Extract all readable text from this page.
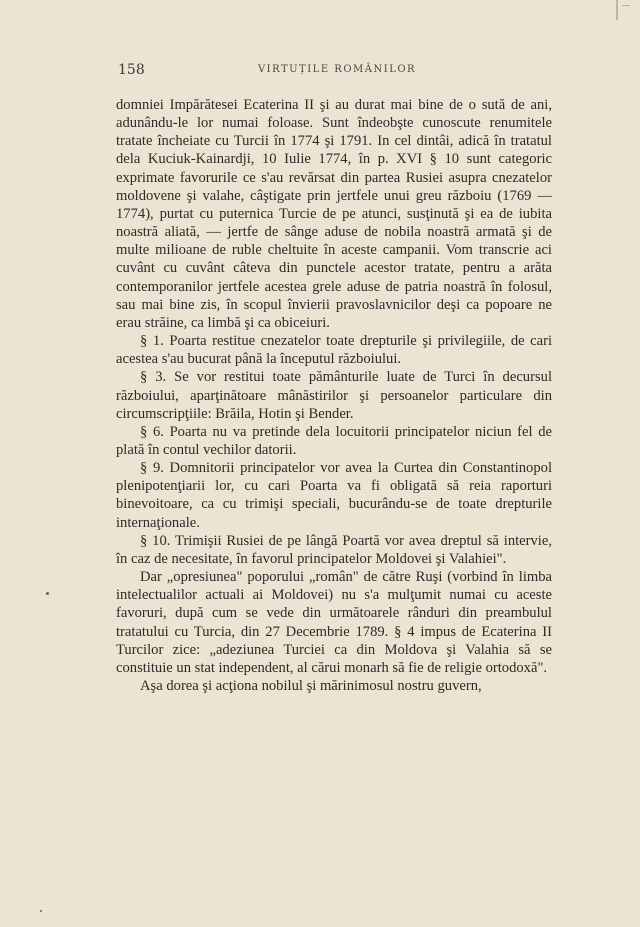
158	VIRTUȚILE ROMÂNILOR

domniei Impărătesei Ecaterina II şi au durat mai bine de o sută de ani, adunându-le lor numai foloase. Sunt îndeobşte cunoscute renumitele tratate încheiate cu Turcii în 1774 şi 1791. In cel dintâi, adică în tratatul dela Kuciuk-Kainardji, 10 Iulie 1774, în p. XVI § 10 sunt categoric exprimate favorurile ce s'au revărsat din partea Rusiei asupra cnezatelor moldovene şi valahe, câştigate prin jertfele unui greu războiu (1769 — 1774), purtat cu puternica Turcie de pe atunci, susţinută şi ea de iubita noastră aliată, — jertfe de sânge aduse de nobila noastră armată şi de multe milioane de ruble cheltuite în aceste campanii. Vom transcrie aci cuvânt cu cuvânt câteva din punctele acestor tratate, pentru a arăta contemporanilor jertfele acestea grele aduse de patria noastră în folosul, sau mai bine zis, în scopul învierii pravoslavnicilor deşi ca popoare ne erau străine, ca limbă şi ca obiceiuri.

§ 1. Poarta restitue cnezatelor toate drepturile şi privilegiile, de cari acestea s'au bucurat până la începutul războiului.

§ 3. Se vor restitui toate pământurile luate de Turci în decursul războiului, aparţinătoare mânăstirilor şi persoanelor particulare din circumscripţiile: Brăila, Hotin şi Bender.

§ 6. Poarta nu va pretinde dela locuitorii principatelor niciun fel de plată în contul vechilor datorii.

§ 9. Domnitorii principatelor vor avea la Curtea din Constantinopol plenipotenţiarii lor, cu cari Poarta va fi obligată să reia raporturi binevoitoare, ca cu trimişi speciali, bucurându-se de toate drepturile internaţionale.

§ 10. Trimişii Rusiei de pe lângă Poartă vor avea dreptul să intervie, în caz de necesitate, în favorul principatelor Moldovei şi Valahiei".

Dar „opresiunea" poporului „român" de către Ruşi (vorbind în limba intelectualilor actuali ai Moldovei) nu s'a mulţumit numai cu aceste favoruri, după cum se vede din următoarele rânduri din preambulul tratatului cu Turcia, din 27 Decembrie 1789. § 4 impus de Ecaterina II Turcilor zice: „adeziunea Turciei ca din Moldova şi Valahia să se constituie un stat independent, al cărui monarh să fie de religie ortodoxă".

Aşa dorea şi acţiona nobilul şi mărinimosul nostru guvern,
